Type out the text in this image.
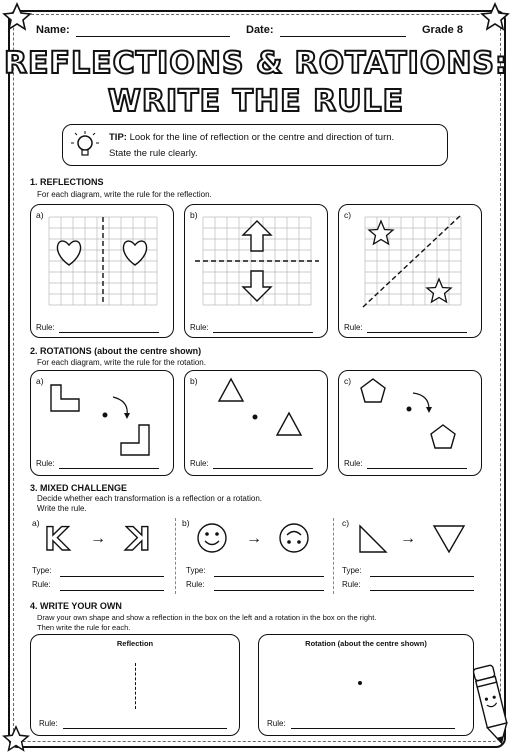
Name:	Date:	Grade 8
REFLECTIONS & ROTATIONS:
WRITE THE RULE
TIP: Look for the line of reflection or the centre and direction of turn.
State the rule clearly.
1. REFLECTIONS
For each diagram, write the rule for the reflection.
a)
Rule:
b)
Rule:
c)
Rule:
2. ROTATIONS (about the centre shown)
For each diagram, write the rule for the rotation.
a)
Rule:
b)
Rule:
c)
Rule:
3. MIXED CHALLENGE
Decide whether each transformation is a reflection or a rotation.
Write the rule.
a) K → K
Type:
Rule:
b)
→
Type:
Rule:
c)
→
Type:
Rule:
4. WRITE YOUR OWN
Draw your own shape and show a reflection in the box on the left and a rotation in the box on the right.
Then write the rule for each.
Reflection
Rule:
Rotation (about the centre shown)
Rule:
